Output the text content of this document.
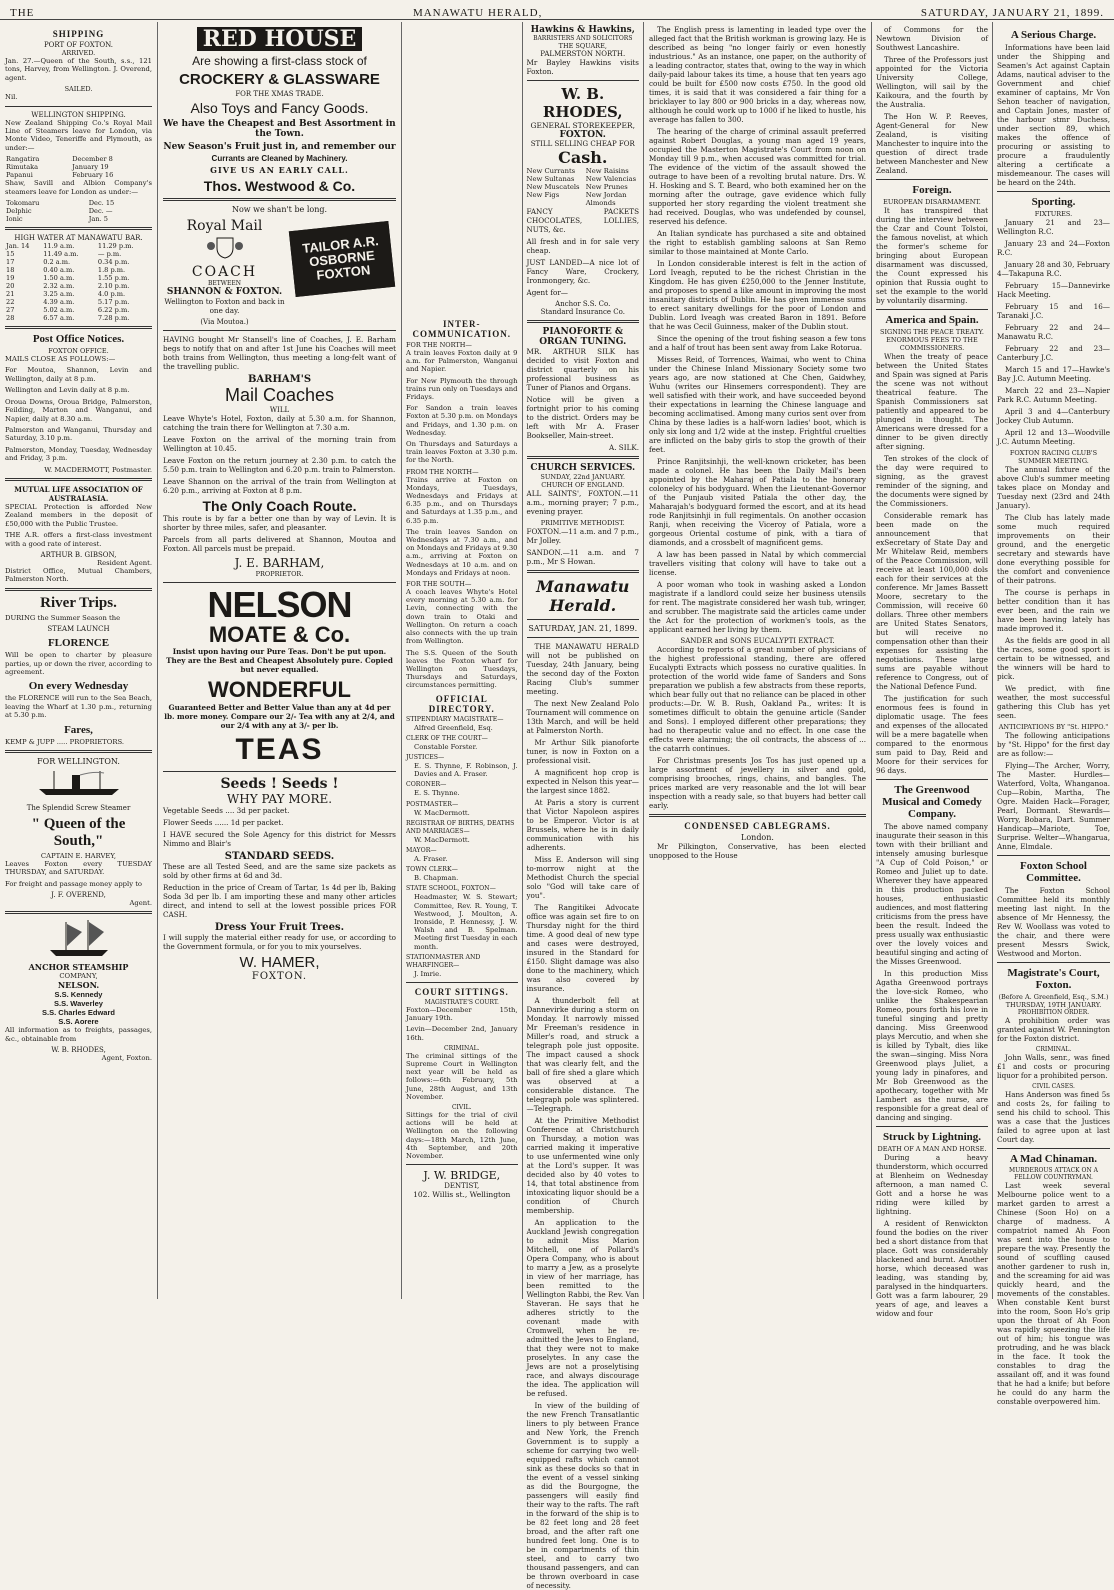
THE	MANAWATU HERALD,	SATURDAY, JANUARY 21, 1899.
SHIPPING
PORT OF FOXTON.
ARRIVED.

Jan. 27.—Queen of the South, s.s., 121 tons, Harvey, from Wellington. J. Overend, agent.

SAILED.

Nil.

WELLINGTON SHIPPING.

New Zealand Shipping Co.'s Royal Mail Line of Steamers leave for London, via Monte Video, Teneriffe and Plymouth, as under:—

Rangatira	December 8
Rimutaka	January 19
Papanui	February 16

Shaw, Savill and Albion Company's steamers leave for London as under:—

Tokomaru	Dec. 15
Delphic	Dec. —
Ionic	Jan. 5
HIGH WATER AT MANAWATU BAR.
Jan. 14	11.9 a.m.	11.29 p.m.
15	11.49 a.m.	— p.m.
17	0.2 a.m.	0.34 p.m.
18	0.40 a.m.	1.8 p.m.
19	1.50 a.m.	1.55 p.m.
20	2.32 a.m.	2.10 p.m.
21	3.25 a.m.	4.0 p.m.
22	4.39 a.m.	5.17 p.m.
27	5.02 a.m.	6.22 p.m.
28	6.57 a.m.	7.28 p.m.
Post Office Notices.
FOXTON OFFICE.

MAILS CLOSE AS FOLLOWS:—

For Moutoa, Shannon, Levin and Wellington, daily at 8 p.m.

Wellington and Levin daily at 8 p.m.

Oroua Downs, Oroua Bridge, Palmerston, Feilding, Marton and Wanganui, and Napier, daily at 8.30 a.m.

Palmerston and Wanganui, Thursday and Saturday, 3.10 p.m.

Palmerston, Monday, Tuesday, Wednesday and Friday, 3 p.m.

W. MACDERMOTT, Postmaster.

MUTUAL LIFE ASSOCIATION OF AUSTRALASIA.

SPECIAL Protection is afforded New Zealand members in the deposit of £50,000 with the Public Trustee.

THE A.R. offers a first-class investment with a good rate of interest.

ARTHUR B. GIBSON,
Resident Agent.

District Office, Mutual Chambers, Palmerston North.

River Trips.

DURING the Summer Season the

STEAM LAUNCH
FLORENCE

Will be open to charter by pleasure parties, up or down the river, according to agreement.

On every Wednesday

the FLORENCE will run to the Sea Beach, leaving the Wharf at 1.30 p.m., returning at 5.30 p.m.

Fares,

KEMP & JUPP ..... PROPRIETORS.

FOR WELLINGTON.
The Splendid Screw Steamer
" Queen of the South,"
CAPTAIN E. HARVEY,

Leaves Foxton every TUESDAY THURSDAY, and SATURDAY.

For freight and passage money apply to

J. F. OVEREND,
Agent.
ANCHOR STEAMSHIP
COMPANY,
NELSON.
S.S. Kennedy
S.S. Waverley
S.S. Charles Edward
S.S. Aorere

All information as to freights, passages, &c., obtainable from

W. B. RHODES,
Agent, Foxton.
RED HOUSE
Are showing a first-class stock of
CROCKERY & GLASSWARE
FOR THE XMAS TRADE.
Also Toys and Fancy Goods.
We have the Cheapest and Best Assortment in the Town.
New Season's Fruit just in, and remember our
Currants are Cleaned by Machinery.
GIVE US AN EARLY CALL.
Thos. Westwood & Co.
Now we shan't be long.
Royal Mail
COACH
BETWEEN
SHANNON & FOXTON.

Wellington to Foxton and back in one day.

(Via Moutoa.)
TAILOR A.R. OSBORNE FOXTON

HAVING bought Mr Stansell's line of Coaches, J. E. Barham begs to notify that on and after 1st June his Coaches will meet both trains from Wellington, thus meeting a long-felt want of the travelling public.

BARHAM'S
Mail Coaches
WILL

Leave Whyte's Hotel, Foxton, daily at 5.30 a.m. for Shannon, catching the train there for Wellington at 7.30 a.m.

Leave Foxton on the arrival of the morning train from Wellington at 10.45.

Leave Foxton on the return journey at 2.30 p.m. to catch the 5.50 p.m. train to Wellington and 6.20 p.m. train to Palmerston.

Leave Shannon on the arrival of the train from Wellington at 6.20 p.m., arriving at Foxton at 8 p.m.

The Only Coach Route.

This route is by far a better one than by way of Levin. It is shorter by three miles, safer, and pleasanter.

Parcels from all parts delivered at Shannon, Moutoa and Foxton. All parcels must be prepaid.

J. E. BARHAM,
PROPRIETOR.
NELSON
MOATE & Co.

Insist upon having our Pure Teas. Don't be put upon. They are the Best and Cheapest Absolutely pure. Copied but never equalled.

WONDERFUL

Guaranteed Better and Better Value than any at 4d per lb. more money. Compare our 2/- Tea with any at 2/4, and our 2/4 with any at 3/- per lb.

TEAS
Seeds ! Seeds !
WHY PAY MORE.

Vegetable Seeds .... 3d per packet.

Flower Seeds ...... 1d per packet.

I HAVE secured the Sole Agency for this district for Messrs Nimmo and Blair's

STANDARD SEEDS.

These are all Tested Seed, and are the same size packets as sold by other firms at 6d and 3d.

Reduction in the price of Cream of Tartar, 1s 4d per lb, Baking Soda 3d per lb. I am importing these and many other articles direct, and intend to sell at the lowest possible prices FOR CASH.

Dress Your Fruit Trees.

I will supply the material either ready for use, or according to the Government formula, or for you to mix yourselves.

W. HAMER,
FOXTON.
INTER-COMMUNICATION.
FOR THE NORTH—

A train leaves Foxton daily at 9 a.m. for Palmerston, Wanganui and Napier.

For New Plymouth the through trains run only on Tuesdays and Fridays.

For Sandon a train leaves Foxton at 5.30 p.m. on Mondays and Fridays, and 1.30 p.m. on Wednesday.

On Thursdays and Saturdays a train leaves Foxton at 3.30 p.m. for the North.

FROM THE NORTH—

Trains arrive at Foxton on Mondays, Tuesdays, Wednesdays and Fridays at 6.35 p.m., and on Thursdays and Saturdays at 1.35 p.m., and 6.35 p.m.

The train leaves Sandon on Wednesdays at 7.30 a.m., and on Mondays and Fridays at 9.30 a.m., arriving at Foxton on Wednesdays at 10 a.m. and on Mondays and Fridays at noon.

FOR THE SOUTH—

A coach leaves Whyte's Hotel every morning at 5.30 a.m. for Levin, connecting with the down train to Otaki and Wellington. On return a coach also connects with the up train from Wellington.

The S.S. Queen of the South leaves the Foxton wharf for Wellington on Tuesdays, Thursdays and Saturdays, circumstances permitting.

OFFICIAL DIRECTORY.
STIPENDIARY MAGISTRATE—

Alfred Greenfield, Esq.

CLERK OF THE COURT—

Constable Forster.

JUSTICES—

E. S. Thynne, F. Robinson, J. Davies and A. Fraser.

CORONER—

E. S. Thynne.

POSTMASTER—

W. MacDermott.

REGISTRAR OF BIRTHS, DEATHS AND MARRIAGES—

W. MacDermott.

MAYOR—

A. Fraser.

TOWN CLERK—

B. Chapman.

STATE SCHOOL, FOXTON—

Headmaster, W. S. Stewart; Committee, Rev. R. Young, T. Westwood, J. Moulton, A. Ironside, P. Hennessy, J. W. Walsh and B. Spelman. Meeting first Tuesday in each month.

STATIONMASTER AND WHARFINGER—

J. Imrie.

COURT SITTINGS.
MAGISTRATE'S COURT.

Foxton—December 15th, January 19th.

Levin—December 2nd, January 16th.

CRIMINAL.

The criminal sittings of the Supreme Court in Wellington next year will be held as follows:—6th February, 5th June, 28th August, and 13th November.

CIVIL.

Sittings for the trial of civil actions will be held at Wellington on the following days:—18th March, 12th June, 4th September, and 20th November.

J. W. BRIDGE,
DENTIST,
102. Willis st., Wellington
Hawkins & Hawkins,
BARRISTERS AND SOLICITORS
THE SQUARE,
PALMERSTON NORTH.

Mr Bayley Hawkins visits Foxton.

W. B. RHODES,
GENERAL STOREKEEPER,
FOXTON.
STILL SELLING CHEAP FOR
Cash.
New Currants
New Sultanas
New Muscatels
New Figs
New Raisins
New Valencias
New Prunes
New Jordan Almonds

FANCY PACKETS CHOCOLATES, LOLLIES, NUTS, &c.

All fresh and in for sale very cheap.

JUST LANDED—A nice lot of Fancy Ware, Crockery, Ironmongery, &c.

Agent for—

Anchor S.S. Co.
Standard Insurance Co.
PIANOFORTE & ORGAN TUNING.

MR. ARTHUR SILK has decided to visit Foxton and district quarterly on his professional business as Tuner of Pianos and Organs.

Notice will be given a fortnight prior to his coming to the district. Orders may be left with Mr A. Fraser Bookseller, Main-street.

A. SILK.

CHURCH SERVICES.
SUNDAY, 22nd JANUARY.
CHURCH OF ENGLAND.

ALL SAINTS', FOXTON.—11 a.m., morning prayer; 7 p.m., evening prayer.

PRIMITIVE METHODIST.

FOXTON.—11 a.m. and 7 p.m., Mr Jolley.

SANDON.—11 a.m. and 7 p.m., Mr S Howan.

Manawatu Herald.
SATURDAY, JAN. 21, 1899.

THE MANAWATU HERALD will not be published on Tuesday, 24th January, being the second day of the Foxton Racing Club's summer meeting.

The next New Zealand Polo Tournament will commence on 13th March, and will be held at Palmerston North.

Mr Arthur Silk pianoforte tuner, is now in Foxton on a professional visit.

A magnificent hop crop is expected in Nelson this year—the largest since 1882.

At Paris a story is current that Victor Napoleon aspires to be Emperor. Victor is at Brussels, where he is in daily communication with his adherents.

Miss E. Anderson will sing to-morrow night at the Methodist Church the special solo "God will take care of you".

The Rangitikei Advocate office was again set fire to on Thursday night for the third time. A good deal of new type and cases were destroyed, insured in the Standard for £150. Slight damage was also done to the machinery, which was also covered by insurance.

A thunderbolt fell at Dannevirke during a storm on Monday. It narrowly missed Mr Freeman's residence in Miller's road, and struck a telegraph pole just opposite. The impact caused a shock that was clearly felt, and the ball of fire shed a glare which was observed at a considerable distance. The telegraph pole was splintered.—Telegraph.

At the Primitive Methodist Conference at Christchurch on Thursday, a motion was carried making it imperative to use unfermented wine only at the Lord's supper. It was decided also by 40 votes to 14, that total abstinence from intoxicating liquor should be a condition of Church membership.

An application to the Auckland Jewish congregation to admit Miss Marion Mitchell, one of Pollard's Opera Company, who is about to marry a Jew, as a proselyte in view of her marriage, has been remitted to the Wellington Rabbi, the Rev. Van Staveran. He says that he adheres strictly to the covenant made with Cromwell, when he re-admitted the Jews to England, that they were not to make proselytes. In any case the Jews are not a proselytising race, and always discourage the idea. The application will be refused.

In view of the building of the new French Transatlantic liners to ply between France and New York, the French Government is to supply a scheme for carrying two well-equipped rafts which cannot sink as these docks so that in the event of a vessel sinking as did the Bourgogne, the passengers will easily find their way to the rafts. The raft in the forward of the ship is to be 82 feet long and 28 feet broad, and the after raft one hundred feet long. One is to be in compartments of thin steel, and to carry two thousand passengers, and can be thrown overboard in case of necessity.

The English press is lamenting in leaded type over the alleged fact that the British workman is growing lazy. He is described as being "no longer fairly or even honestly industrious." As an instance, one paper, on the authority of a leading contractor, states that, owing to the way in which daily-paid labour takes its time, a house that ten years ago could be built for £500 now costs £750. In the good old times, it is said that it was considered a fair thing for a bricklayer to lay 800 or 900 bricks in a day, whereas now, although he could work up to 1000 if he liked to hustle, his average has fallen to 300.

The hearing of the charge of criminal assault preferred against Robert Douglas, a young man aged 19 years, occupied the Masterton Magistrate's Court from noon on Monday till 9 p.m., when accused was committed for trial. The evidence of the victim of the assault showed the outrage to have been of a revolting brutal nature. Drs. W. H. Hosking and S. T. Beard, who both examined her on the morning after the outrage, gave evidence which fully supported her story regarding the violent treatment she had received. Douglas, who was undefended by counsel, reserved his defence.

An Italian syndicate has purchased a site and obtained the right to establish gambling saloons at San Remo similar to those maintained at Monte Carlo.

In London considerable interest is felt in the action of Lord Iveagh, reputed to be the richest Christian in the Kingdom. He has given £250,000 to the Jenner Institute, and proposes to spend a like amount in improving the most insanitary districts of Dublin. He has given immense sums to erect sanitary dwellings for the poor of London and Dublin. Lord Iveagh was created Baron in 1891. Before that he was Cecil Guinness, maker of the Dublin stout.

Since the opening of the trout fishing season a few tons and a half of trout has been sent away from Lake Rotorua.

Misses Reid, of Torrences, Waimai, who went to China under the Chinese Inland Missionary Society some two years ago, are now stationed at Che Chen, Gaidwhey, Wuhu (writes our Hinsemers correspondent). They are well satisfied with their work, and have succeeded beyond their expectations in learning the Chinese language and becoming acclimatised. Among many curios sent over from China by these ladies is a half-worn ladies' boot, which is only six long and 1/2 wide at the instep. Frightful cruelties are inflicted on the baby girls to stop the growth of their feet.

Prince Ranjitsinhji, the well-known cricketer, has been made a colonel. He has been the Daily Mail's been appointed by the Maharaj of Patiala to the honorary colonelcy of his bodyguard. When the Lieutenant-Governor of the Punjaub visited Patiala the other day, the Maharajah's bodyguard formed the escort, and at its head rode Ranjitsinhji in full regimentals. On another occasion Ranji, when receiving the Viceroy of Patiala, wore a gorgeous Oriental costume of pink, with a tiara of diamonds, and a crossbelt of magnificent gems.

A law has been passed in Natal by which commercial travellers visiting that colony will have to take out a license.

A poor woman who took in washing asked a London magistrate if a landlord could seize her business utensils for rent. The magistrate considered her wash tub, wringer, and scrubber. The magistrate said the articles came under the Act for the protection of workmen's tools, as the applicant earned her living by them.

SANDER and SONS EUCALYPTI EXTRACT.

According to reports of a great number of physicians of the highest professional standing, there are offered Eucalypti Extracts which possess no curative qualities. In protection of the world wide fame of Sanders and Sons preparation we publish a few abstracts from these reports, which bear fully out that no reliance can be placed in other products:—Dr. W. B. Rush, Oakland Pa., writes: It is sometimes difficult to obtain the genuine article (Sander and Sons). I employed different other preparations; they had no therapeutic value and no effect. In one case the effects were alarming; the oil contracts, the abscess of ... the catarrh continues.

For Christmas presents Jos Tos has just opened up a large assortment of jewellery in silver and gold, comprising brooches, rings, chains, and bangles. The prices marked are very reasonable and the lot will bear inspection with a ready sale, so that buyers had better call early.

CONDENSED CABLEGRAMS.
London.

Mr Pilkington, Conservative, has been elected unopposed to the House

of Commons for the Newtown Division of Southwest Lancashire.

Three of the Professors just appointed for the Victoria University College, Wellington, will sail by the Kaikoura, and the fourth by the Australia.

The Hon W. P. Reeves, Agent-General for New Zealand, is visiting Manchester to inquire into the question of direct trade between Manchester and New Zealand.

Foreign.
EUROPEAN DISARMAMENT.

It has transpired that during the interview between the Czar and Count Tolstoi, the famous novelist, at which the former's scheme for bringing about European disarmament was discussed, the Count expressed his opinion that Russia ought to set the example to the world by voluntarily disarming.

America and Spain.
SIGNING THE PEACE TREATY.
ENORMOUS FEES TO THE COMMISSIONERS.

When the treaty of peace between the United States and Spain was signed at Paris the scene was not without theatrical feature. The Spanish Commissioners sat patiently and appeared to be plunged in thought. The Americans were dressed for a dinner to be given directly after signing.

Ten strokes of the clock of the day were required to signing, as the gravest reminder of the signing, and the documents were signed by the Commissioners.

Considerable remark has been made on the announcement that exSecretary of State Day and Mr Whitelaw Reid, members of the Peace Commission, will receive at least 100,000 dols each for their services at the conference. Mr James Bassett Moore, secretary to the Commission, will receive 60 dollars. Three other members are United States Senators, but will receive no compensation other than their expenses for assisting the negotiations. These large sums are payable without reference to Congress, out of the National Defence Fund.

The justification for such enormous fees is found in diplomatic usage. The fees and expenses of the allocated will be a mere bagatelle when compared to the enormous sum paid to Day, Reid and Moore for their services for 96 days.

The Greenwood Musical and Comedy Company.

The above named company inaugurate their season in this town with their brilliant and intensely amusing burlesque "A Cup of Cold Poison," or Romeo and Juliet up to date. Wherever they have appeared in this production packed houses, enthusiastic audiences, and most flattering criticisms from the press have been the result. Indeed the press usually wax enthusiastic over the lovely voices and beautiful singing and acting of the Misses Greenwood.

In this production Miss Agatha Greenwood portrays the love-sick Romeo, who unlike the Shakespearian Romeo, pours forth his love in tuneful singing and pretty dancing. Miss Greenwood plays Mercutio, and when she is killed by Tybalt, dies like the swan—singing. Miss Nora Greenwood plays Juliet, a young lady in pinafores, and Mr Bob Greenwood as the apothecary, together with Mr Lambert as the nurse, are responsible for a great deal of dancing and singing.

Struck by Lightning.
DEATH OF A MAN AND HORSE.

During a heavy thunderstorm, which occurred at Blenheim on Wednesday afternoon, a man named C. Gott and a horse he was riding were killed by lightning.

A resident of Renwickton found the bodies on the river bed a short distance from that place. Gott was considerably blackened and burnt. Another horse, which deceased was leading, was standing by, paralysed in the hindquarters. Gott was a farm labourer, 29 years of age, and leaves a widow and four

A Serious Charge.

Informations have been laid under the Shipping and Seamen's Act against Captain Adams, nautical adviser to the Government and chief examiner of captains, Mr Von Sehon teacher of navigation, and Captain Jones, master of the harbour stmr Duchess, under section 89, which makes the offence of procuring or assisting to procure a fraudulently altering a certificate a misdemeanour. The cases will be heard on the 24th.

Sporting.
FIXTURES.

January 21 and 23—Wellington R.C.

January 23 and 24—Foxton R.C.

January 28 and 30, February 4—Takapuna R.C.

February 15—Dannevirke Hack Meeting.

February 15 and 16—Taranaki J.C.

February 22 and 24—Manawatu R.C.

February 22 and 23—Canterbury J.C.

March 15 and 17—Hawke's Bay J.C. Autumn Meeting.

March 22 and 23—Napier Park R.C. Autumn Meeting.

April 3 and 4—Canterbury Jockey Club Autumn.

April 12 and 13—Woodville J.C. Autumn Meeting.

FOXTON RACING CLUB'S SUMMER MEETING.

The annual fixture of the above Club's summer meeting takes place on Monday and Tuesday next (23rd and 24th January).

The Club has lately made some much required improvements on their ground, and the energetic secretary and stewards have done everything possible for the comfort and convenience of their patrons.

The course is perhaps in better condition than it has ever been, and the rain we have been having lately has made improved it.

As the fields are good in all the races, some good sport is certain to be witnessed, and the winners will be hard to pick.

We predict, with fine weather, the most successful gathering this Club has yet seen.

ANTICIPATIONS BY "St. HIPPO."

The following anticipations by "St. Hippo" for the first day are as follow:—

Flying—The Archer, Worry, The Master. Hurdles—Waterford, Volta, Whanganoa. Cup—Robin, Martha, The Ogre. Maiden Hack—Forager, Pearl, Dormant. Stewards—Worry, Bobara, Dart. Summer Handicap—Mariote, Toe, Surprise. Welter—Whangarua, Anne, Elmdale.

Foxton School Committee.

The Foxton School Committee held its monthly meeting last night. In the absence of Mr Hennessy, the Rev W. Woollass was voted to the chair, and there were present Messrs Swick, Westwood and Morton.

Magistrate's Court, Foxton.
(Before A. Greenfield, Esq., S.M.)
THURSDAY, 19TH JANUARY.
PROHIBITION ORDER.

A prohibition order was granted against W. Pennington for the Foxton district.

CRIMINAL.

John Walls, senr., was fined £1 and costs or procuring liquor for a prohibited person.

CIVIL CASES.

Hans Anderson was fined 5s and costs 2s, for failing to send his child to school. This was a case that the Justices failed to agree upon at last Court day.

A Mad Chinaman.
MURDEROUS ATTACK ON A FELLOW COUNTRYMAN.

Last week several Melbourne police went to a market garden to arrest a Chinese (Soon Ho) on a charge of madness. A compatriot named Ah Foon was sent into the house to prepare the way. Presently the sound of scuffling caused another gardener to rush in, and the screaming for aid was quickly heard, and the movements of the constables. When constable Kent burst into the room, Soon Ho's grip upon the throat of Ah Foon was rapidly squeezing the life out of him; his tongue was protruding, and he was black in the face. It took the constables to drag the assailant off, and it was found that he had a knife; but before he could do any harm the constable overpowered him.
